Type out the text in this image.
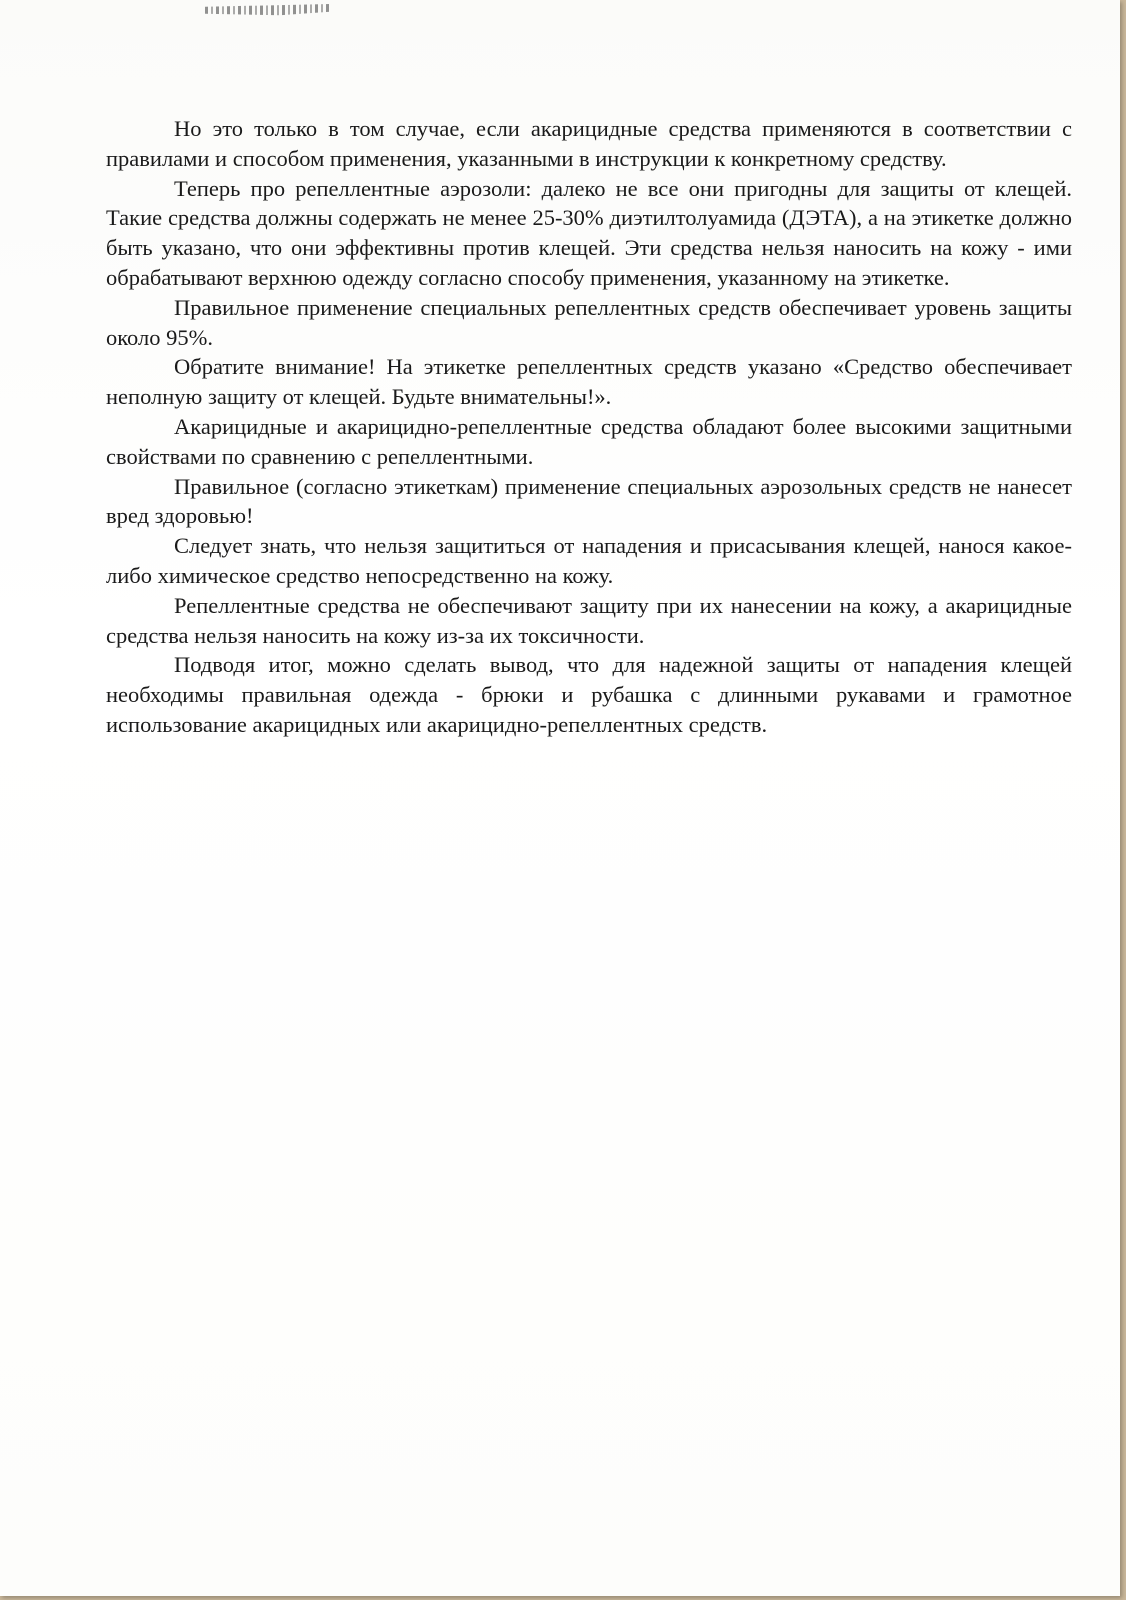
Но это только в том случае, если акарицидные средства применяются в соответствии с правилами и способом применения, указанными в инструкции к конкретному средству.

Теперь про репеллентные аэрозоли: далеко не все они пригодны для защиты от клещей. Такие средства должны содержать не менее 25-30% диэтилтолуамида (ДЭТА), а на этикетке должно быть указано, что они эффективны против клещей. Эти средства нельзя наносить на кожу - ими обрабатывают верхнюю одежду согласно способу применения, указанному на этикетке.

Правильное применение специальных репеллентных средств обеспечивает уровень защиты около 95%.

Обратите внимание! На этикетке репеллентных средств указано «Средство обеспечивает неполную защиту от клещей. Будьте внимательны!».

Акарицидные и акарицидно-репеллентные средства обладают более высокими защитными свойствами по сравнению с репеллентными.

Правильное (согласно этикеткам) применение специальных аэрозольных средств не нанесет вред здоровью!

Следует знать, что нельзя защититься от нападения и присасывания клещей, нанося какое-либо химическое средство непосредственно на кожу.

Репеллентные средства не обеспечивают защиту при их нанесении на кожу, а акарицидные средства нельзя наносить на кожу из-за их токсичности.

Подводя итог, можно сделать вывод, что для надежной защиты от нападения клещей необходимы правильная одежда - брюки и рубашка с длинными рукавами и грамотное использование акарицидных или акарицидно-репеллентных средств.
